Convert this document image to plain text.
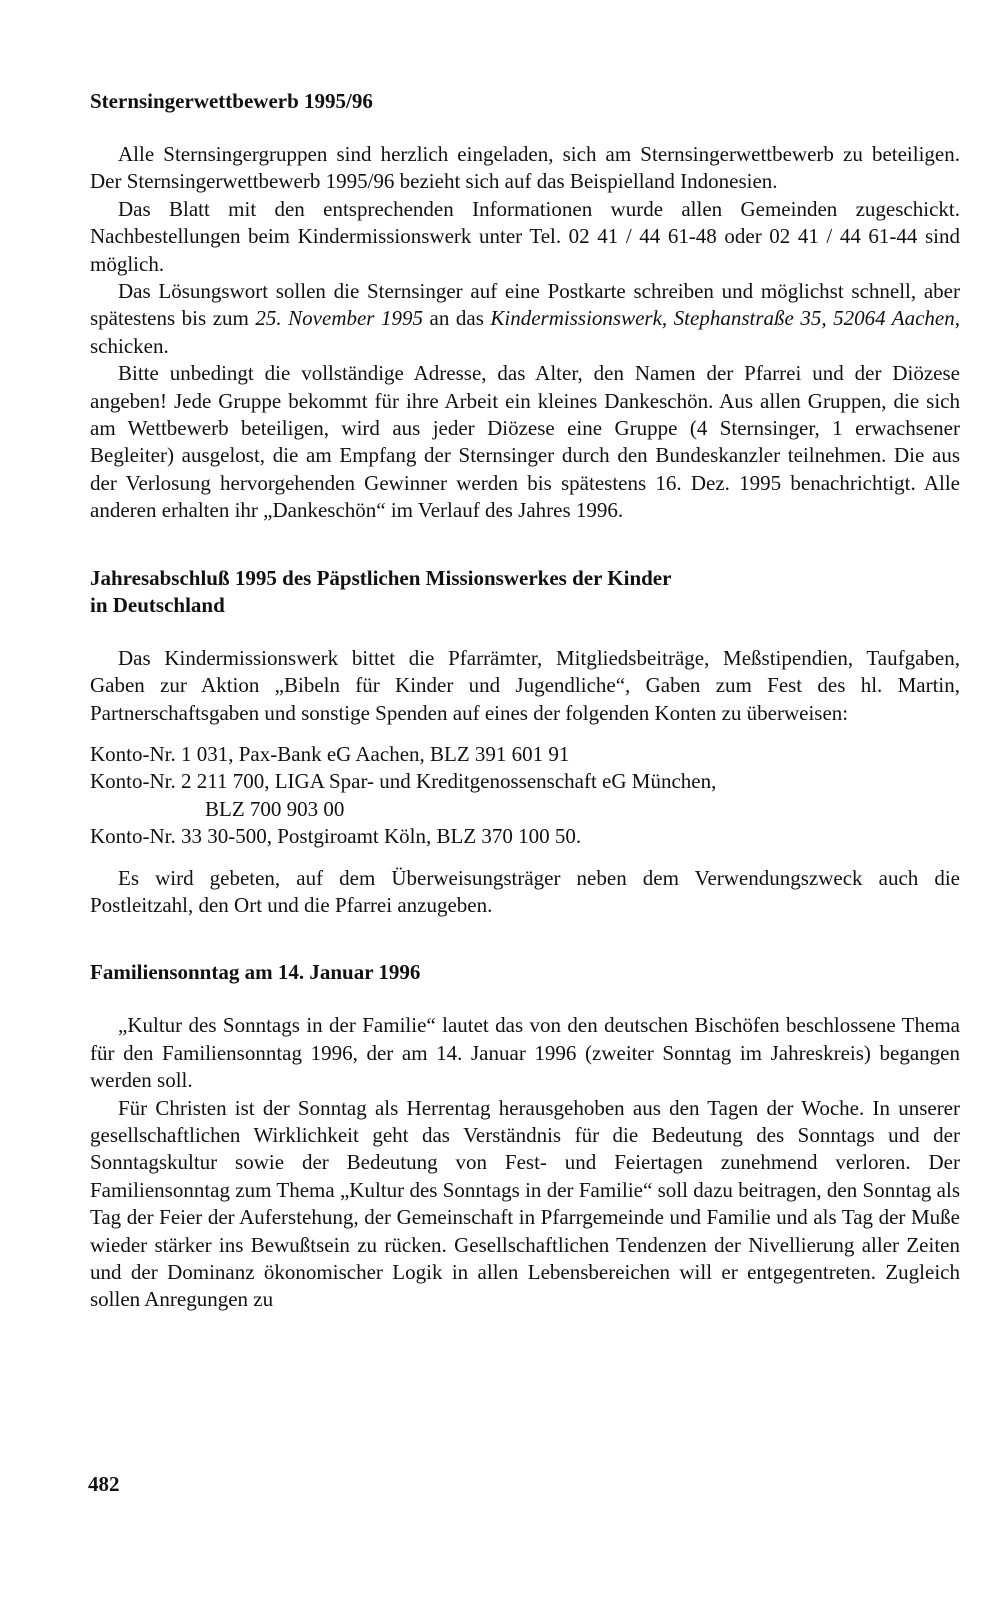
Sternsingerwettbewerb 1995/96

Alle Sternsingergruppen sind herzlich eingeladen, sich am Sternsingerwettbewerb zu beteiligen. Der Sternsingerwettbewerb 1995/96 bezieht sich auf das Beispielland Indonesien.

Das Blatt mit den entsprechenden Informationen wurde allen Gemeinden zugeschickt. Nachbestellungen beim Kindermissionswerk unter Tel. 02 41 / 44 61-48 oder 02 41 / 44 61-44 sind möglich.

Das Lösungswort sollen die Sternsinger auf eine Postkarte schreiben und möglichst schnell, aber spätestens bis zum 25. November 1995 an das Kindermissionswerk, Stephanstraße 35, 52064 Aachen, schicken.

Bitte unbedingt die vollständige Adresse, das Alter, den Namen der Pfarrei und der Diözese angeben! Jede Gruppe bekommt für ihre Arbeit ein kleines Dankeschön. Aus allen Gruppen, die sich am Wettbewerb beteiligen, wird aus jeder Diözese eine Gruppe (4 Sternsinger, 1 erwachsener Begleiter) ausgelost, die am Empfang der Sternsinger durch den Bundeskanzler teilnehmen. Die aus der Verlosung hervorgehenden Gewinner werden bis spätestens 16. Dez. 1995 benachrichtigt. Alle anderen erhalten ihr „Dankeschön“ im Verlauf des Jahres 1996.

Jahresabschluß 1995 des Päpstlichen Missionswerkes der Kinder
in Deutschland

Das Kindermissionswerk bittet die Pfarrämter, Mitgliedsbeiträge, Meßstipendien, Taufgaben, Gaben zur Aktion „Bibeln für Kinder und Jugendliche“, Gaben zum Fest des hl. Martin, Partnerschaftsgaben und sonstige Spenden auf eines der folgenden Konten zu überweisen:

Konto-Nr. 1 031, Pax-Bank eG Aachen, BLZ 391 601 91
Konto-Nr. 2 211 700, LIGA Spar- und Kreditgenossenschaft eG München,
BLZ 700 903 00
Konto-Nr. 33 30-500, Postgiroamt Köln, BLZ 370 100 50.

Es wird gebeten, auf dem Überweisungsträger neben dem Verwendungszweck auch die Postleitzahl, den Ort und die Pfarrei anzugeben.

Familiensonntag am 14. Januar 1996

„Kultur des Sonntags in der Familie“ lautet das von den deutschen Bischöfen beschlossene Thema für den Familiensonntag 1996, der am 14. Januar 1996 (zweiter Sonntag im Jahreskreis) begangen werden soll.

Für Christen ist der Sonntag als Herrentag herausgehoben aus den Tagen der Woche. In unserer gesellschaftlichen Wirklichkeit geht das Verständnis für die Bedeutung des Sonntags und der Sonntagskultur sowie der Bedeutung von Fest- und Feiertagen zunehmend verloren. Der Familiensonntag zum Thema „Kultur des Sonntags in der Familie“ soll dazu beitragen, den Sonntag als Tag der Feier der Auferstehung, der Gemeinschaft in Pfarrgemeinde und Familie und als Tag der Muße wieder stärker ins Bewußtsein zu rücken. Gesellschaftlichen Tendenzen der Nivellierung aller Zeiten und der Dominanz ökonomischer Logik in allen Lebensbereichen will er entgegentreten. Zugleich sollen Anregungen zu

482
